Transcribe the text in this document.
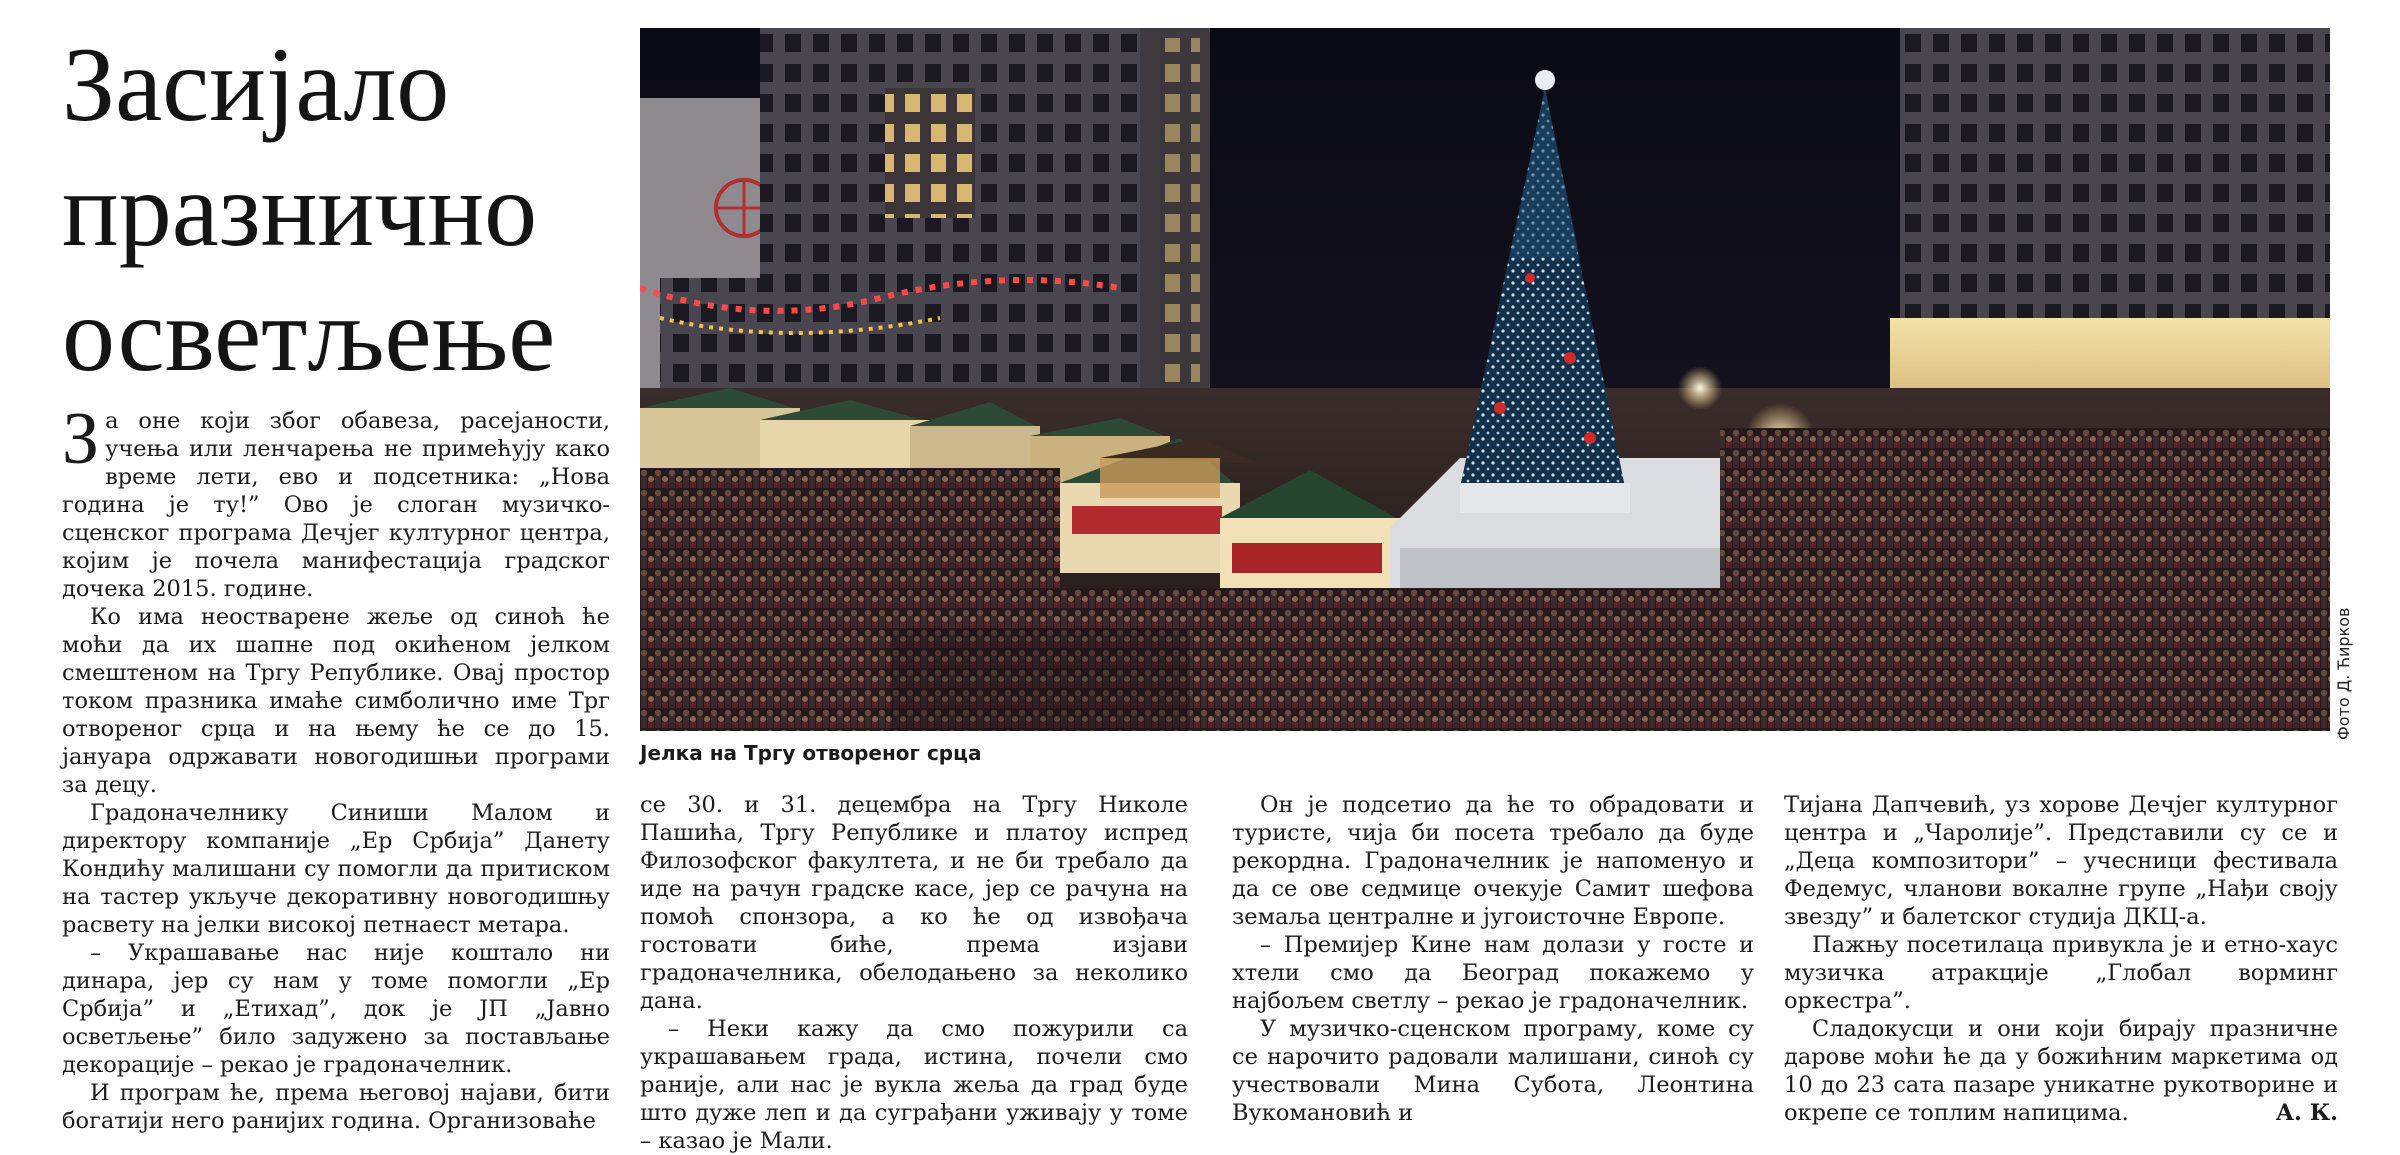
Засијало празнично осветљење

За оне који због обавеза, расејаности, учења или ленчарења не примећују како време лети, ево и подсетника: „Нова година је ту!” Ово је слоган музичко-сценског програма Дечјег културног центра, којим је почела манифестација градског дочека 2015. године.

Ко има неостварене жеље од синоћ ће моћи да их шапне под окићеном јелком смештеном на Тргу Републике. Овај простор током празника имаће симболично име Трг отвореног срца и на њему ће се до 15. јануара одржавати новогодишњи програми за децу.

Градоначелнику Синиши Малом и директору компаније „Ер Србија” Данету Кондићу малишани су помогли да притиском на тастер укључе декоративну новогодишњу расвету на јелки високој петнаест метара.

– Украшавање нас није коштало ни динара, јер су нам у томе помогли „Ер Србија” и „Етихад”, док је ЈП „Јавно осветљење” било задужено за постављање декорације – рекао је градоначелник.

И програм ће, према његовој најави, бити богатији него ранијих година. Организоваће

Јелка на Тргу отвореног срца

Фото Д. Ћирков

се 30. и 31. децембра на Тргу Николе Пашића, Тргу Републике и платоу испред Филозофског факултета, и не би требало да иде на рачун градске касе, јер се рачуна на помоћ спонзора, а ко ће од извођача гостовати биће, према изјави градоначелника, обелодањено за неколико дана.

– Неки кажу да смо пожурили са украшавањем града, истина, почели смо раније, али нас је вукла жеља да град буде што дуже леп и да суграђани уживају у томе – казао је Мали.

Он је подсетио да ће то обрадовати и туристе, чија би посета требало да буде рекордна. Градоначелник је напоменуо и да се ове седмице очекује Самит шефова земаља централне и југоисточне Европе.

– Премијер Кине нам долази у госте и хтели смо да Београд покажемо у најбољем светлу – рекао је градоначелник.

У музичко-сценском програму, коме су се нарочито радовали малишани, синоћ су учествовали Мина Субота, Леонтина Вукомановић и

Тијана Дапчевић, уз хорове Дечјег културног центра и „Чаролије”. Представили су се и „Деца композитори” – учесници фестивала Федемус, чланови вокалне групе „Нађи своју звезду” и балетског студија ДКЦ-а.

Пажњу посетилаца привукла је и етно-хаус музичка атракције „Глобал ворминг оркестра”.

Сладокусци и они који бирају празничне дарове моћи ће да у божићним маркетима од 10 до 23 сата пазаре уникатне рукотворине и окрепе се топлим напицима.	А. К.
